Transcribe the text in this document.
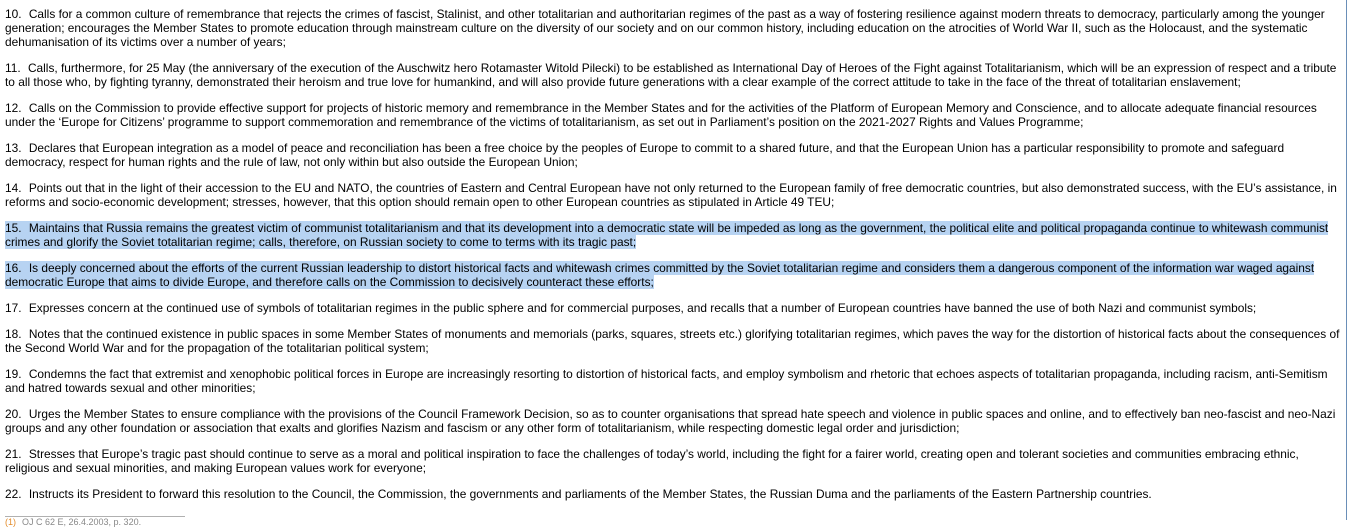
10. Calls for a common culture of remembrance that rejects the crimes of fascist, Stalinist, and other totalitarian and authoritarian regimes of the past as a way of fostering resilience against modern threats to democracy, particularly among the younger generation; encourages the Member States to promote education through mainstream culture on the diversity of our society and on our common history, including education on the atrocities of World War II, such as the Holocaust, and the systematic dehumanisation of its victims over a number of years;

11. Calls, furthermore, for 25 May (the anniversary of the execution of the Auschwitz hero Rotamaster Witold Pilecki) to be established as International Day of Heroes of the Fight against Totalitarianism, which will be an expression of respect and a tribute to all those who, by fighting tyranny, demonstrated their heroism and true love for humankind, and will also provide future generations with a clear example of the correct attitude to take in the face of the threat of totalitarian enslavement;

12. Calls on the Commission to provide effective support for projects of historic memory and remembrance in the Member States and for the activities of the Platform of European Memory and Conscience, and to allocate adequate financial resources under the ‘Europe for Citizens’ programme to support commemoration and remembrance of the victims of totalitarianism, as set out in Parliament’s position on the 2021-2027 Rights and Values Programme;

13. Declares that European integration as a model of peace and reconciliation has been a free choice by the peoples of Europe to commit to a shared future, and that the European Union has a particular responsibility to promote and safeguard democracy, respect for human rights and the rule of law, not only within but also outside the European Union;

14. Points out that in the light of their accession to the EU and NATO, the countries of Eastern and Central European have not only returned to the European family of free democratic countries, but also demonstrated success, with the EU’s assistance, in reforms and socio-economic development; stresses, however, that this option should remain open to other European countries as stipulated in Article 49 TEU;

15. Maintains that Russia remains the greatest victim of communist totalitarianism and that its development into a democratic state will be impeded as long as the government, the political elite and political propaganda continue to whitewash communist crimes and glorify the Soviet totalitarian regime; calls, therefore, on Russian society to come to terms with its tragic past;

16. Is deeply concerned about the efforts of the current Russian leadership to distort historical facts and whitewash crimes committed by the Soviet totalitarian regime and considers them a dangerous component of the information war waged against democratic Europe that aims to divide Europe, and therefore calls on the Commission to decisively counteract these efforts;

17. Expresses concern at the continued use of symbols of totalitarian regimes in the public sphere and for commercial purposes, and recalls that a number of European countries have banned the use of both Nazi and communist symbols;

18. Notes that the continued existence in public spaces in some Member States of monuments and memorials (parks, squares, streets etc.) glorifying totalitarian regimes, which paves the way for the distortion of historical facts about the consequences of the Second World War and for the propagation of the totalitarian political system;

19. Condemns the fact that extremist and xenophobic political forces in Europe are increasingly resorting to distortion of historical facts, and employ symbolism and rhetoric that echoes aspects of totalitarian propaganda, including racism, anti-Semitism and hatred towards sexual and other minorities;

20. Urges the Member States to ensure compliance with the provisions of the Council Framework Decision, so as to counter organisations that spread hate speech and violence in public spaces and online, and to effectively ban neo-fascist and neo-Nazi groups and any other foundation or association that exalts and glorifies Nazism and fascism or any other form of totalitarianism, while respecting domestic legal order and jurisdiction;

21. Stresses that Europe’s tragic past should continue to serve as a moral and political inspiration to face the challenges of today’s world, including the fight for a fairer world, creating open and tolerant societies and communities embracing ethnic, religious and sexual minorities, and making European values work for everyone;

22. Instructs its President to forward this resolution to the Council, the Commission, the governments and parliaments of the Member States, the Russian Duma and the parliaments of the Eastern Partnership countries.

(1) OJ C 62 E, 26.4.2003, p. 320.
